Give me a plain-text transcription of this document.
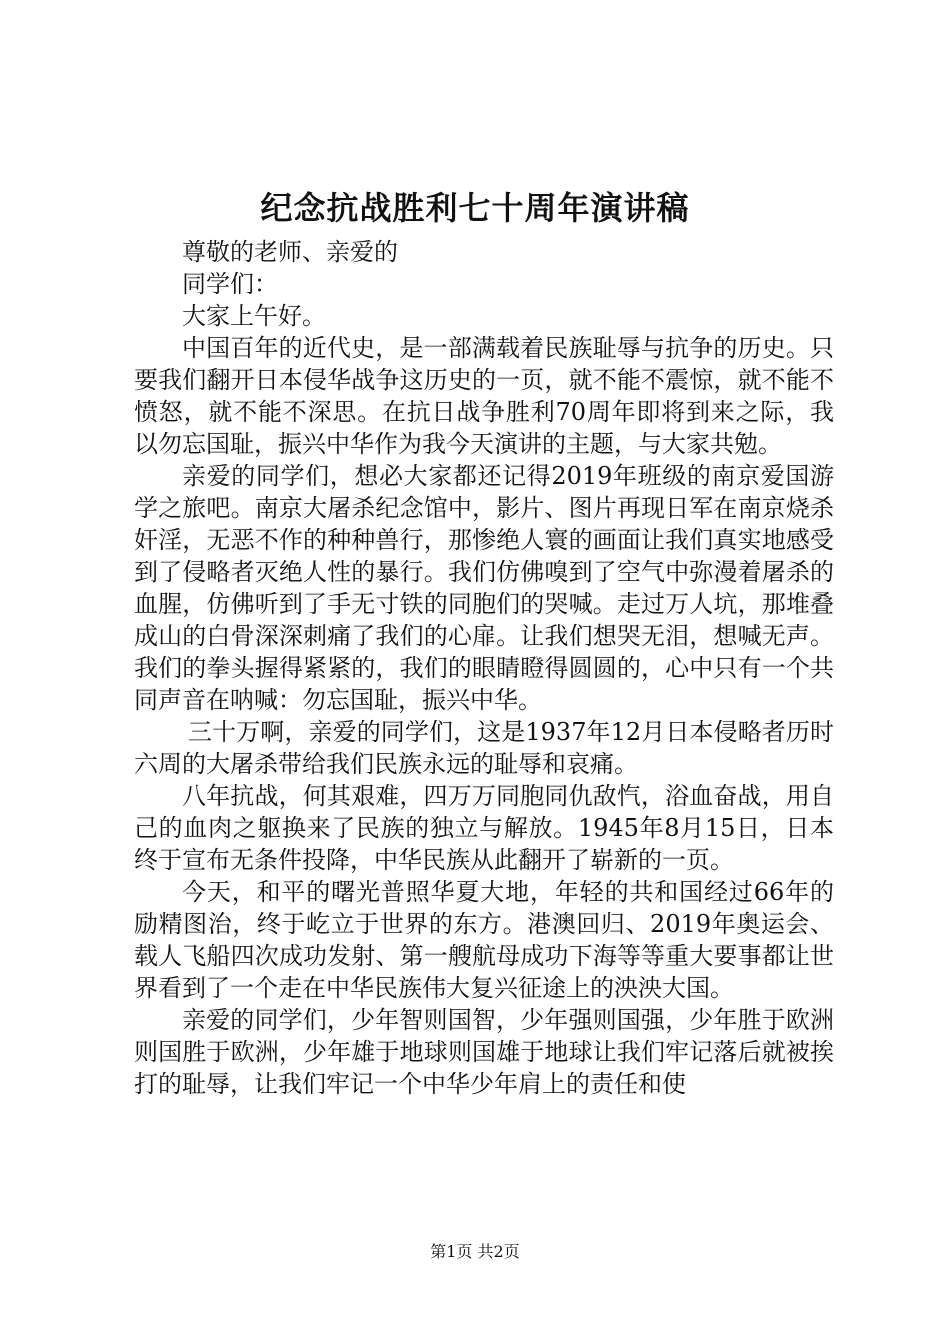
纪念抗战胜利七十周年演讲稿

尊敬的老师、亲爱的

同学们：

大家上午好。

中国百年的近代史，是一部满载着民族耻辱与抗争的历史。只要我们翻开日本侵华战争这历史的一页，就不能不震惊，就不能不愤怒，就不能不深思。在抗日战争胜利70周年即将到来之际，我以勿忘国耻，振兴中华作为我今天演讲的主题，与大家共勉。

亲爱的同学们，想必大家都还记得2019年班级的南京爱国游学之旅吧。南京大屠杀纪念馆中，影片、图片再现日军在南京烧杀奸淫，无恶不作的种种兽行，那惨绝人寰的画面让我们真实地感受到了侵略者灭绝人性的暴行。我们仿佛嗅到了空气中弥漫着屠杀的血腥，仿佛听到了手无寸铁的同胞们的哭喊。走过万人坑，那堆叠成山的白骨深深刺痛了我们的心扉。让我们想哭无泪，想喊无声。我们的拳头握得紧紧的，我们的眼睛瞪得圆圆的，心中只有一个共同声音在呐喊：勿忘国耻，振兴中华。

三十万啊，亲爱的同学们，这是1937年12月日本侵略者历时六周的大屠杀带给我们民族永远的耻辱和哀痛。

八年抗战，何其艰难，四万万同胞同仇敌忾，浴血奋战，用自己的血肉之躯换来了民族的独立与解放。1945年8月15日，日本终于宣布无条件投降，中华民族从此翻开了崭新的一页。

今天，和平的曙光普照华夏大地，年轻的共和国经过66年的励精图治，终于屹立于世界的东方。港澳回归、2019年奥运会、载人飞船四次成功发射、第一艘航母成功下海等等重大要事都让世界看到了一个走在中华民族伟大复兴征途上的泱泱大国。

亲爱的同学们，少年智则国智，少年强则国强，少年胜于欧洲则国胜于欧洲，少年雄于地球则国雄于地球让我们牢记落后就被挨打的耻辱，让我们牢记一个中华少年肩上的责任和使

第1页 共2页
